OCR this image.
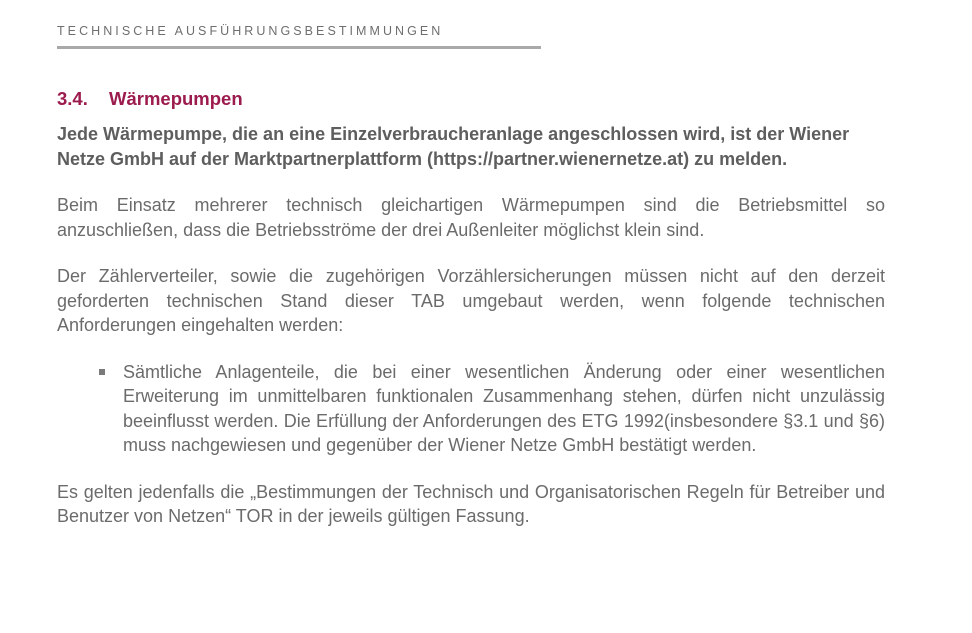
TECHNISCHE AUSFÜHRUNGSBESTIMMUNGEN
3.4. Wärmepumpen

Jede Wärmepumpe, die an eine Einzelverbraucheranlage angeschlossen wird, ist der Wiener Netze GmbH auf der Marktpartnerplattform (https://partner.wienernetze.at) zu melden.

Beim Einsatz mehrerer technisch gleichartigen Wärmepumpen sind die Betriebsmittel so anzuschließen, dass die Betriebsströme der drei Außenleiter möglichst klein sind.

Der Zählerverteiler, sowie die zugehörigen Vorzählersicherungen müssen nicht auf den derzeit geforderten technischen Stand dieser TAB umgebaut werden, wenn folgende technischen Anforderungen eingehalten werden:

Sämtliche Anlagenteile, die bei einer wesentlichen Änderung oder einer wesentlichen Erweiterung im unmittelbaren funktionalen Zusammenhang stehen, dürfen nicht unzulässig beeinflusst werden. Die Erfüllung der Anforderungen des ETG 1992(insbesondere §3.1 und §6) muss nachgewiesen und gegenüber der Wiener Netze GmbH bestätigt werden.

Es gelten jedenfalls die „Bestimmungen der Technisch und Organisatorischen Regeln für Betreiber und Benutzer von Netzen“ TOR in der jeweils gültigen Fassung.
